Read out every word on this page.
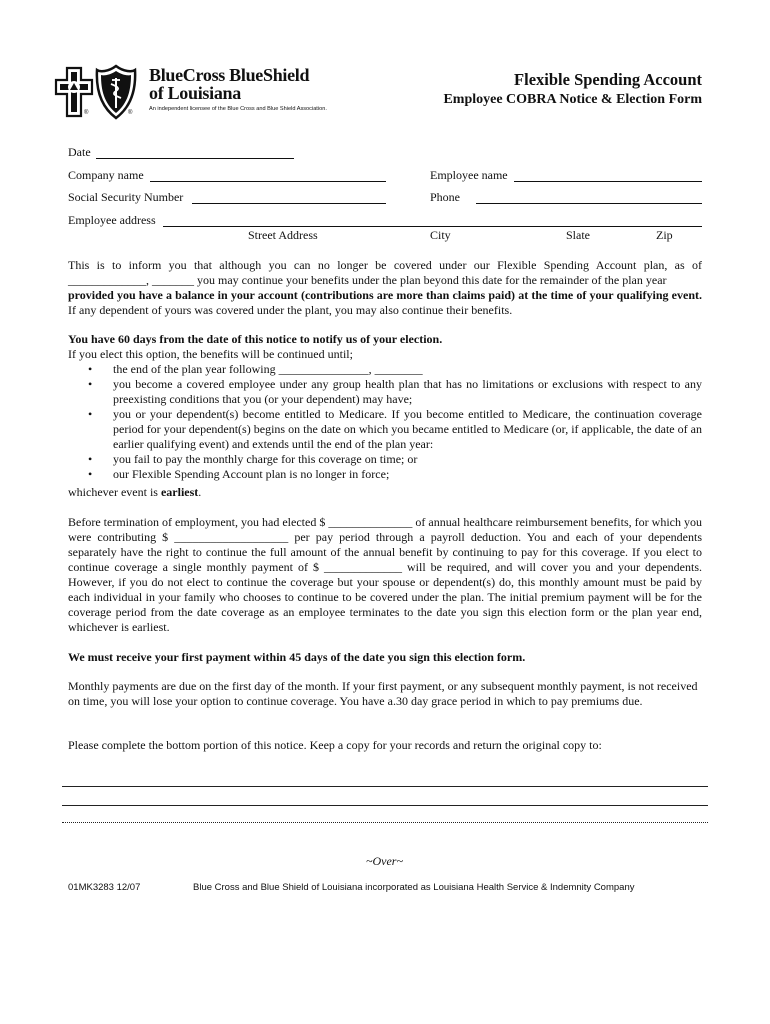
®	®
BlueCross BlueShield
of Louisiana
An independent licensee of the Blue Cross and Blue Shield Association.
Flexible Spending Account
Employee COBRA Notice & Election Form
Date
Company name	Employee name
Social Security Number	Phone
Employee address
Street Address	City	Slate	Zip

This is to inform you that although you can no longer be covered under our Flexible Spending Account plan, as of

_____________, _______ you may continue your benefits under the plan beyond this date for the remainder of the plan year

provided you have a balance in your account (contributions are more than claims paid) at the time of your qualifying event. If any dependent of yours was covered under the plant, you may also continue their benefits.

You have 60 days from the date of this notice to notify us of your election.
If you elect this option, the benefits will be continued until;
• the end of the plan year following _______________, ________
• you become a covered employee under any group health plan that has no limitations or exclusions with respect to any preexisting conditions that you (or your dependent) may have;
• you or your dependent(s) become entitled to Medicare. If you become entitled to Medicare, the continuation coverage period for your dependent(s) begins on the date on which you became entitled to Medicare (or, if applicable, the date of an earlier qualifying event) and extends until the end of the plan year:
• you fail to pay the monthly charge for this coverage on time; or
• our Flexible Spending Account plan is no longer in force;
whichever event is earliest.
Before termination of employment, you had elected $ ______________ of annual healthcare reimbursement benefits, for which you were contributing $ ___________________ per pay period through a payroll deduction. You and each of your dependents separately have the right to continue the full amount of the annual benefit by continuing to pay for this coverage. If you elect to continue coverage a single monthly payment of $ _____________ will be required, and will cover you and your dependents. However, if you do not elect to continue the coverage but your spouse or dependent(s) do, this monthly amount must be paid by each individual in your family who chooses to continue to be covered under the plan. The initial premium payment will be for the coverage period from the date coverage as an employee terminates to the date you sign this election form or the plan year end, whichever is earliest.
We must receive your first payment within 45 days of the date you sign this election form.
Monthly payments are due on the first day of the month. If your first payment, or any subsequent monthly payment, is not received on time, you will lose your option to continue coverage. You have a.30 day grace period in which to pay premiums due.
Please complete the bottom portion of this notice. Keep a copy for your records and return the original copy to:
~Over~
01MK3283 12/07	Blue Cross and Blue Shield of Louisiana incorporated as Louisiana Health Service & Indemnity Company
